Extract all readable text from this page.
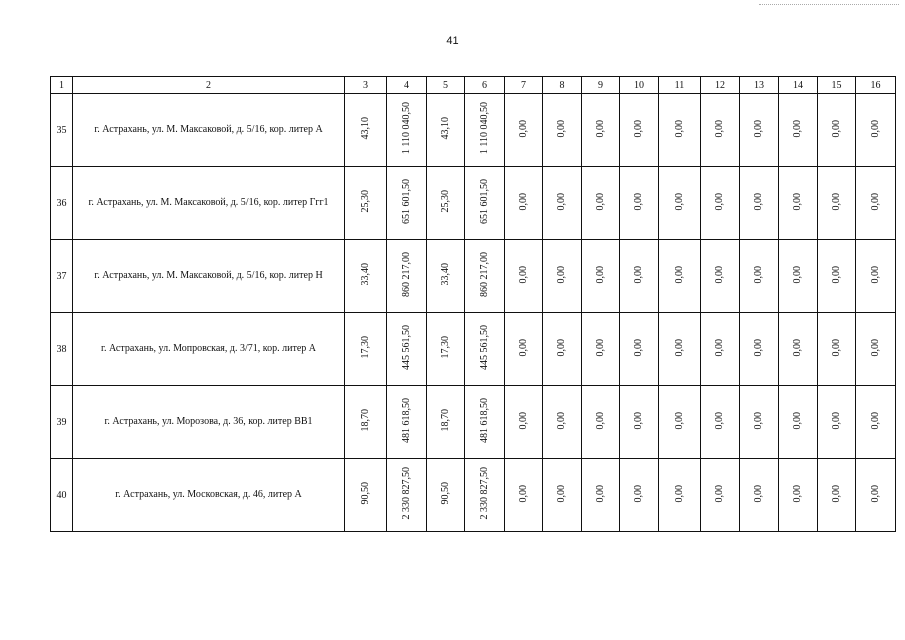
41
1	2	3	4	5	6	7	8	9	10	11	12	13	14	15	16
35	г. Астрахань, ул. М. Максаковой, д. 5/16, кор. литер А	43,10	1 110 040,50	43,10	1 110 040,50	0,00	0,00	0,00	0,00	0,00	0,00	0,00	0,00	0,00	0,00
36	г. Астрахань, ул. М. Максаковой, д. 5/16, кор. литер Ггг1	25,30	651 601,50	25,30	651 601,50	0,00	0,00	0,00	0,00	0,00	0,00	0,00	0,00	0,00	0,00
37	г. Астрахань, ул. М. Максаковой, д. 5/16, кор. литер Н	33,40	860 217,00	33,40	860 217,00	0,00	0,00	0,00	0,00	0,00	0,00	0,00	0,00	0,00	0,00
38	г. Астрахань, ул. Мопровская, д. 3/71, кор. литер А	17,30	445 561,50	17,30	445 561,50	0,00	0,00	0,00	0,00	0,00	0,00	0,00	0,00	0,00	0,00
39	г. Астрахань, ул. Морозова, д. 36, кор. литер ВВ1	18,70	481 618,50	18,70	481 618,50	0,00	0,00	0,00	0,00	0,00	0,00	0,00	0,00	0,00	0,00
40	г. Астрахань, ул. Московская, д. 46, литер А	90,50	2 330 827,50	90,50	2 330 827,50	0,00	0,00	0,00	0,00	0,00	0,00	0,00	0,00	0,00	0,00
